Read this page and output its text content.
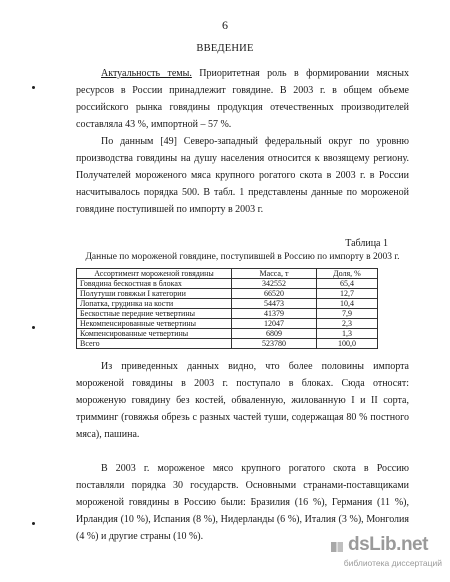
6
ВВЕДЕНИЕ
Актуальность темы. Приоритетная роль в формировании мясных ресурсов в России принадлежит говядине. В 2003 г. в общем объеме российского рынка говядины продукция отечественных производителей составляла 43 %, импортной – 57 %.
По данным [49] Северо-западный федеральный округ по уровню производства говядины на душу населения относится к ввозящему региону. Получателей мороженого мяса крупного рогатого скота в 2003 г. в России насчитывалось порядка 500. В табл. 1 представлены данные по мороженой говядине поступившей по импорту в 2003 г.
Таблица 1
Данные по мороженой говядине, поступившей в Россию по импорту в 2003 г.
Ассортимент мороженой говядины	Масса, т	Доля, %
Говядина бескостная в блоках	342552	65,4
Полутуши говяжьи I категории	66520	12,7
Лопатка, грудинка на кости	54473	10,4
Бескостные передние четвертины	41379	7,9
Некомпенсированные четвертины	12047	2,3
Компенсированные четвертины	6809	1,3
Всего	523780	100,0
Из приведенных данных видно, что более половины импорта мороженой говядины в 2003 г. поступало в блоках. Сюда относят: мороженую говядину без костей, обваленную, жилованную I и II сорта, тримминг (говяжья обрезь с разных частей туши, содержащая 80 % постного мяса), пашина.
В 2003 г. мороженое мясо крупного рогатого скота в Россию поставляли порядка 30 государств. Основными странами-поставщиками мороженой говядины в Россию были: Бразилия (16 %), Германия (11 %), Ирландия (10 %), Испания (8 %), Нидерланды (6 %), Италия (3 %), Монголия (4 %) и другие страны (10 %).	dsLib.net
библиотека диссертаций
